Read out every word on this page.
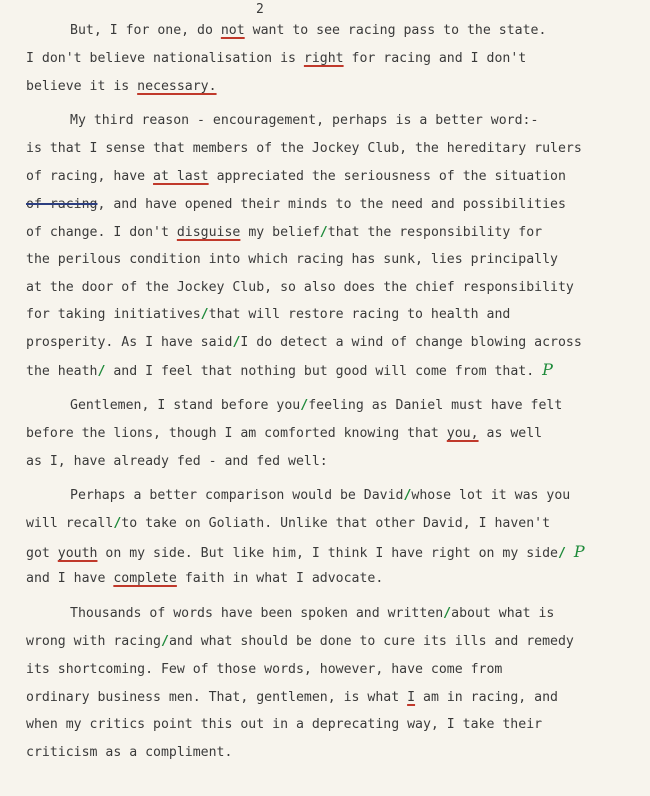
2
But, I for one, do not want to see racing pass to the state.
I don't believe nationalisation is right for racing and I don't
believe it is necessary.
My third reason - encouragement, perhaps is a better word:-
is that I sense that members of the Jockey Club, the hereditary rulers
of racing, have at last appreciated the seriousness of the situation
of racing, and have opened their minds to the need and possibilities
of change. I don't disguise my belief/that the responsibility for
the perilous condition into which racing has sunk, lies principally
at the door of the Jockey Club, so also does the chief responsibility
for taking initiatives/that will restore racing to health and
prosperity. As I have said/I do detect a wind of change blowing across
the heath/ and I feel that nothing but good will come from that. P
Gentlemen, I stand before you/feeling as Daniel must have felt
before the lions, though I am comforted knowing that you, as well
as I, have already fed - and fed well:
Perhaps a better comparison would be David/whose lot it was you
will recall/to take on Goliath. Unlike that other David, I haven't
got youth on my side. But like him, I think I have right on my side/ P
and I have complete faith in what I advocate.
Thousands of words have been spoken and written/about what is
wrong with racing/and what should be done to cure its ills and remedy
its shortcoming. Few of those words, however, have come from
ordinary business men. That, gentlemen, is what I am in racing, and
when my critics point this out in a deprecating way, I take their
criticism as a compliment.
